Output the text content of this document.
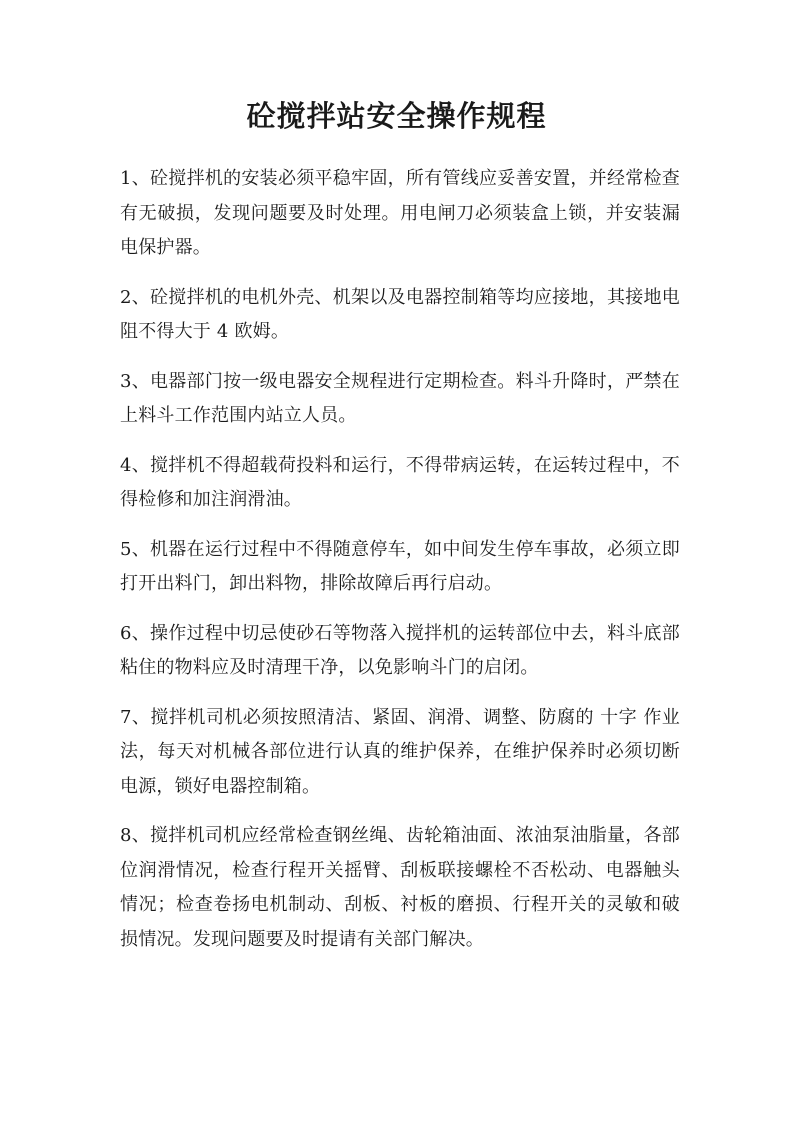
砼搅拌站安全操作规程

1、砼搅拌机的安装必须平稳牢固，所有管线应妥善安置，并经常检查有无破损，发现问题要及时处理。用电闸刀必须装盒上锁，并安装漏电保护器。

2、砼搅拌机的电机外壳、机架以及电器控制箱等均应接地，其接地电阻不得大于 4 欧姆。

3、电器部门按一级电器安全规程进行定期检查。料斗升降时，严禁在上料斗工作范围内站立人员。

4、搅拌机不得超载荷投料和运行，不得带病运转，在运转过程中，不得检修和加注润滑油。

5、机器在运行过程中不得随意停车，如中间发生停车事故，必须立即打开出料门，卸出料物，排除故障后再行启动。

6、操作过程中切忌使砂石等物落入搅拌机的运转部位中去，料斗底部粘住的物料应及时清理干净，以免影响斗门的启闭。

7、搅拌机司机必须按照清洁、紧固、润滑、调整、防腐的 十字 作业法，每天对机械各部位进行认真的维护保养，在维护保养时必须切断电源，锁好电器控制箱。

8、搅拌机司机应经常检查钢丝绳、齿轮箱油面、浓油泵油脂量，各部位润滑情况，检查行程开关摇臂、刮板联接螺栓不否松动、电器触头情况；检查卷扬电机制动、刮板、衬板的磨损、行程开关的灵敏和破损情况。发现问题要及时提请有关部门解决。
